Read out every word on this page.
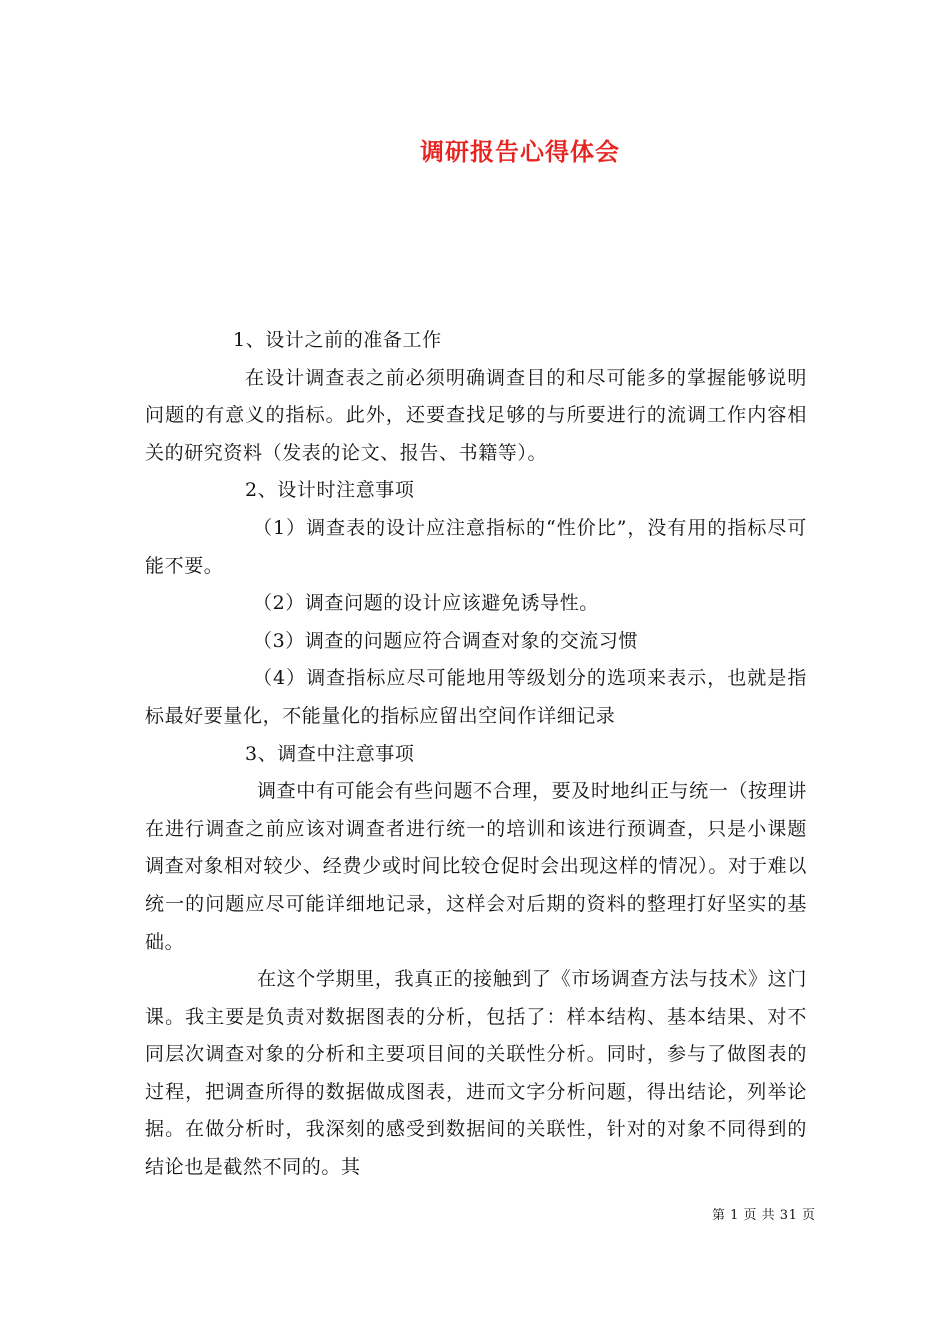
调研报告心得体会

1、设计之前的准备工作

在设计调查表之前必须明确调查目的和尽可能多的掌握能够说明问题的有意义的指标。此外，还要查找足够的与所要进行的流调工作内容相关的研究资料（发表的论文、报告、书籍等）。

2、设计时注意事项

（1）调查表的设计应注意指标的“性价比”，没有用的指标尽可能不要。

（2）调查问题的设计应该避免诱导性。

（3）调查的问题应符合调查对象的交流习惯

（4）调查指标应尽可能地用等级划分的选项来表示，也就是指标最好要量化，不能量化的指标应留出空间作详细记录

3、调查中注意事项

调查中有可能会有些问题不合理，要及时地纠正与统一（按理讲在进行调查之前应该对调查者进行统一的培训和该进行预调查，只是小课题调查对象相对较少、经费少或时间比较仓促时会出现这样的情况）。对于难以统一的问题应尽可能详细地记录，这样会对后期的资料的整理打好坚实的基础。

在这个学期里，我真正的接触到了《市场调查方法与技术》这门课。我主要是负责对数据图表的分析，包括了：样本结构、基本结果、对不同层次调查对象的分析和主要项目间的关联性分析。同时，参与了做图表的过程，把调查所得的数据做成图表，进而文字分析问题，得出结论，列举论据。在做分析时，我深刻的感受到数据间的关联性，针对的对象不同得到的结论也是截然不同的。其

第 1 页 共 31 页
